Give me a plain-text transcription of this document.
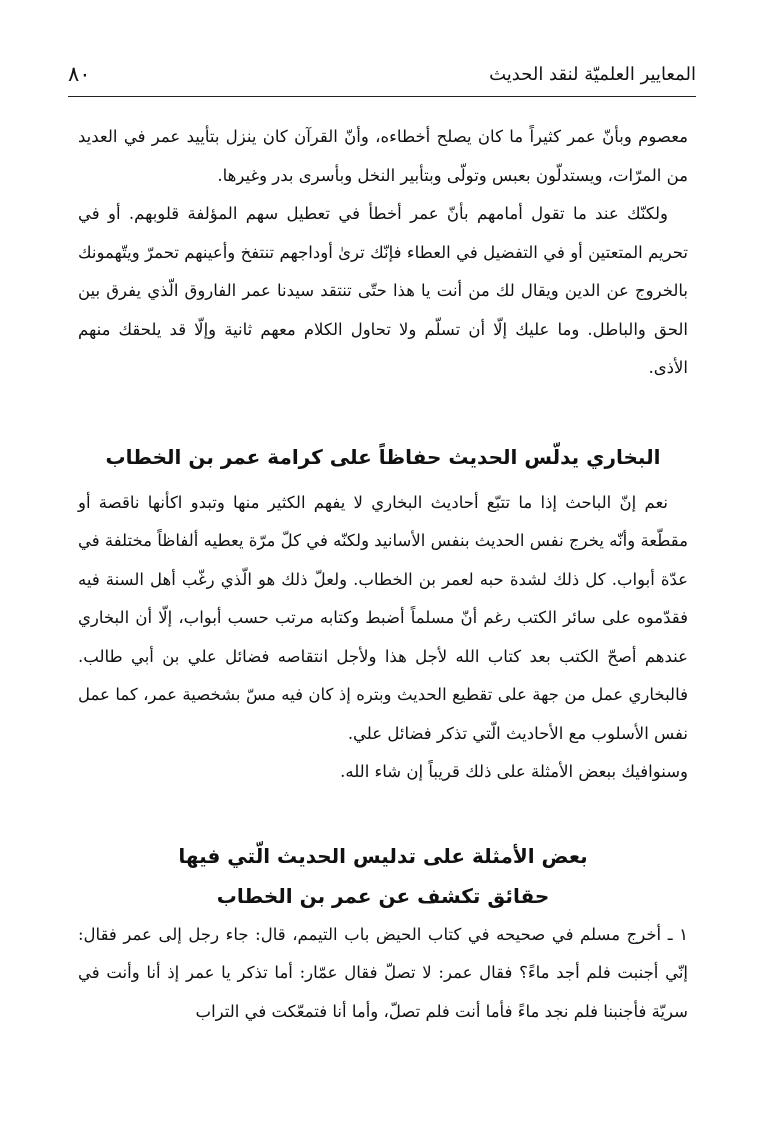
٨٠	المعايير العلميّة لنقد الحديث

معصوم وبأنّ عمر كثيراً ما كان يصلح أخطاءه، وأنّ القرآن كان ينزل بتأييد عمر في العديد من المرّات، ويستدلّون بعبس وتولّى وبتأبير النخل وبأسرى بدر وغيرها.

ولكنّك عند ما تقول أمامهم بأنّ عمر أخطأ في تعطيل سهم المؤلفة قلوبهم. أو في تحريم المتعتين أو في التفضيل في العطاء فإنّك ترىٰ أوداجهم تنتفخ وأعينهم تحمرّ ويتّهمونك بالخروج عن الدين ويقال لك من أنت يا هذا حتّى تنتقد سيدنا عمر الفاروق الّذي يفرق بين الحق والباطل. وما عليك إلّا أن تسلّم ولا تحاول الكلام معهم ثانية وإلّا قد يلحقك منهم الأذى.

البخاري يدلّس الحديث حفاظاً على كرامة عمر بن الخطاب

نعم إنّ الباحث إذا ما تتبّع أحاديث البخاري لا يفهم الكثير منها وتبدو اكأنها ناقصة أو مقطّعة وأنّه يخرج نفس الحديث بنفس الأسانيد ولكنّه في كلّ مرّة يعطيه ألفاظاً مختلفة في عدّة أبواب. كل ذلك لشدة حبه لعمر بن الخطاب. ولعلّ ذلك هو الّذي رغّب أهل السنة فيه فقدّموه على سائر الكتب رغم أنّ مسلماً أضبط وكتابه مرتب حسب أبواب، إلّا أن البخاري عندهم أصحّ الكتب بعد كتاب الله لأجل هذا ولأجل انتقاصه فضائل علي بن أبي طالب. فالبخاري عمل من جهة على تقطيع الحديث وبتره إذ كان فيه مسّ بشخصية عمر، كما عمل نفس الأسلوب مع الأحاديث الّتي تذكر فضائل علي.

وسنوافيك ببعض الأمثلة على ذلك قريباً إن شاء الله.

بعض الأمثلة على تدليس الحديث الّتي فيها
حقائق تكشف عن عمر بن الخطاب

١ ـ أخرج مسلم في صحيحه في كتاب الحيض باب التيمم، قال: جاء رجل إلى عمر فقال: إنّي أجنبت فلم أجد ماءً؟ فقال عمر: لا تصلّ فقال عمّار: أما تذكر يا عمر إذ أنا وأنت في سريّة فأجنبنا فلم نجد ماءً فأما أنت فلم تصلّ، وأما أنا فتمعّكت في التراب
